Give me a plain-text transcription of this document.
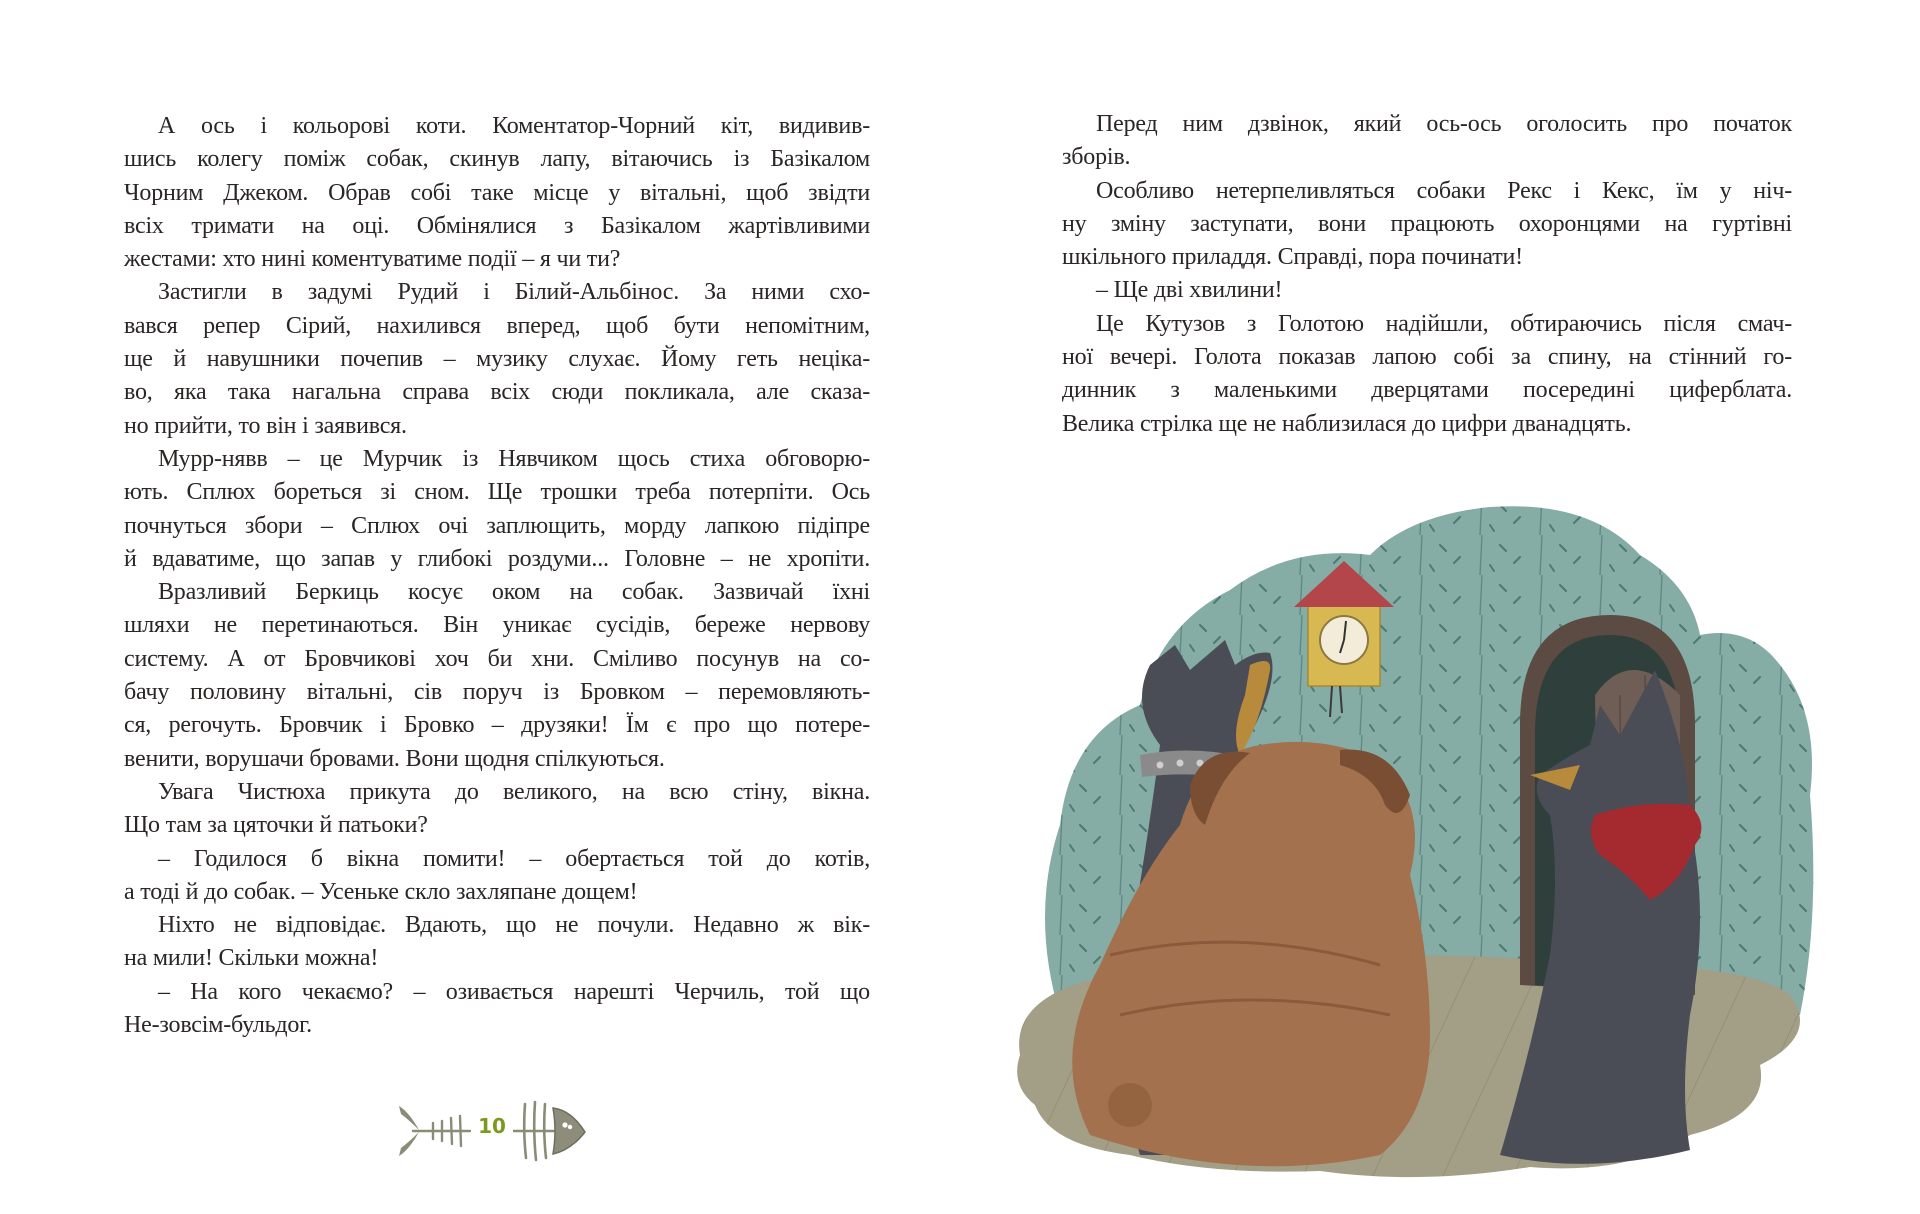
А ось і кольорові коти. Коментатор-Чорний кіт, видивив-
шись колегу поміж собак, скинув лапу, вітаючись із Базікалом
Чорним Джеком. Обрав собі таке місце у вітальні, щоб звідти
всіх тримати на оці. Обмінялися з Базікалом жартівливими
жестами: хто нині коментуватиме події – я чи ти?
Застигли в задумі Рудий і Білий-Альбінос. За ними схо-
вався репер Сірий, нахилився вперед, щоб бути непомітним,
ще й навушники почепив – музику слухає. Йому геть неціка-
во, яка така нагальна справа всіх сюди покликала, але сказа-
но прийти, то він і заявився.
Мурр-нявв – це Мурчик із Нявчиком щось стиха обговорю-
ють. Сплюх бореться зі сном. Ще трошки треба потерпіти. Ось
почнуться збори – Сплюх очі заплющить, морду лапкою підіпре
й вдаватиме, що запав у глибокі роздуми... Головне – не хропіти.
Вразливий Беркиць косує оком на собак. Зазвичай їхні
шляхи не перетинаються. Він уникає сусідів, береже нервову
систему. А от Бровчикові хоч би хни. Сміливо посунув на со-
бачу половину вітальні, сів поруч із Бровком – перемовляють-
ся, регочуть. Бровчик і Бровко – друзяки! Їм є про що потере-
венити, ворушачи бровами. Вони щодня спілкуються.
Увага Чистюха прикута до великого, на всю стіну, вікна.
Що там за цяточки й патьоки?
– Годилося б вікна помити! – обертається той до котів,
а тоді й до собак. – Усеньке скло захляпане дощем!
Ніхто не відповідає. Вдають, що не почули. Недавно ж вік-
на мили! Скільки можна!
– На кого чекаємо? – озивається нарешті Черчиль, той що
Не-зовсім-бульдог.
Перед ним дзвінок, який ось-ось оголосить про початок
зборів.
Особливо нетерпеливляться собаки Рекс і Кекс, їм у ніч-
ну зміну заступати, вони працюють охоронцями на гуртівні
шкільного приладдя. Справді, пора починати!
– Ще дві хвилини!
Це Кутузов з Голотою надійшли, обтираючись після смач-
ної вечері. Голота показав лапою собі за спину, на стінний го-
динник з маленькими дверцятами посередині циферблата.
Велика стрілка ще не наблизилася до цифри дванадцять.
10
